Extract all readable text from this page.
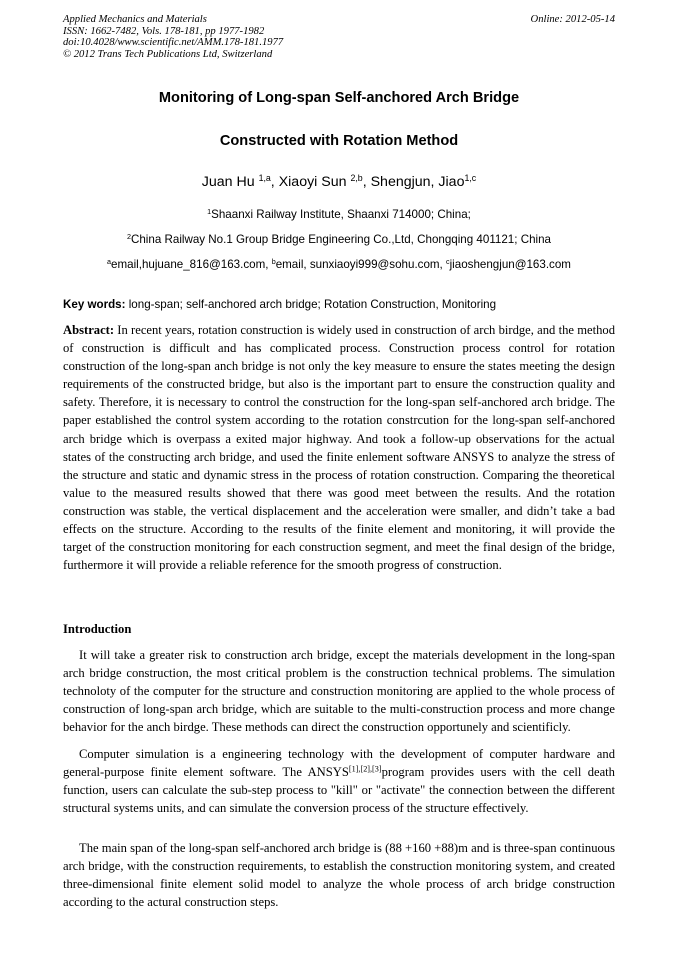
Applied Mechanics and Materials
ISSN: 1662-7482, Vols. 178-181, pp 1977-1982
doi:10.4028/www.scientific.net/AMM.178-181.1977
© 2012 Trans Tech Publications Ltd, Switzerland
Online: 2012-05-14
Monitoring of Long-span Self-anchored Arch Bridge
Constructed with Rotation Method
Juan Hu $^{1,a}$, Xiaoyi Sun $^{2,b}$, Shengjun, Jiao$^{1,c}$
$^1$Shaanxi Railway Institute, Shaanxi 714000; China;
$^2$China Railway No.1 Group Bridge Engineering Co.,Ltd, Chongqing 401121; China
$^a$email,hujuane_816@163.com, $^b$email, sunxiaoyi999@sohu.com, $^c$jiaoshengjun@163.com
Key words: long-span; self-anchored arch bridge; Rotation Construction, Monitoring

Abstract: In recent years, rotation construction is widely used in construction of arch birdge, and the method of construction is difficult and has complicated process. Construction process control for rotation construction of the long-span anch bridge is not only the key measure to ensure the states meeting the design requirements of the constructed bridge, but also is the important part to ensure the construction quality and safety. Therefore, it is necessary to control the construction for the long-span self-anchored arch bridge. The paper established the control system according to the rotation constrcution for the long-span self-anchored arch bridge which is overpass a exited major highway. And took a follow-up observations for the actual states of the constructing arch bridge, and used the finite enlement software ANSYS to analyze the stress of the structure and static and dynamic stress in the process of rotation construction. Comparing the theoretical value to the measured results showed that there was good meet between the results. And the rotation construction was stable, the vertical displacement and the acceleration were smaller, and didn’t take a bad effects on the structure. According to the results of the finite element and monitoring, it will provide the target of the construction monitoring for each construction segment, and meet the final design of the bridge, furthermore it will provide a reliable reference for the smooth progress of construction.

Introduction

It will take a greater risk to construction arch bridge, except the materials development in the long-span arch bridge construction, the most critical problem is the construction technical problems. The simulation technoloty of the computer for the structure and construction monitoring are applied to the whole process of construction of long-span arch bridge, which are suitable to the multi-construction process and more change behavior for the anch birdge. These methods can direct the construction opportunely and scientificly.

Computer simulation is a engineering technology with the development of computer hardware and general-purpose finite element software. The ANSYS[1],[2],[3]program provides users with the cell death function, users can calculate the sub-step process to "kill" or "activate" the connection between the different structural systems units, and can simulate the conversion process of the structure effectively.

The main span of the long-span self-anchored arch bridge is (88 +160 +88)m and is three-span continuous arch bridge, with the construction requirements, to establish the construction monitoring system, and created three-dimensional finite element solid model to analyze the whole process of arch bridge construction according to the actural construction steps.
